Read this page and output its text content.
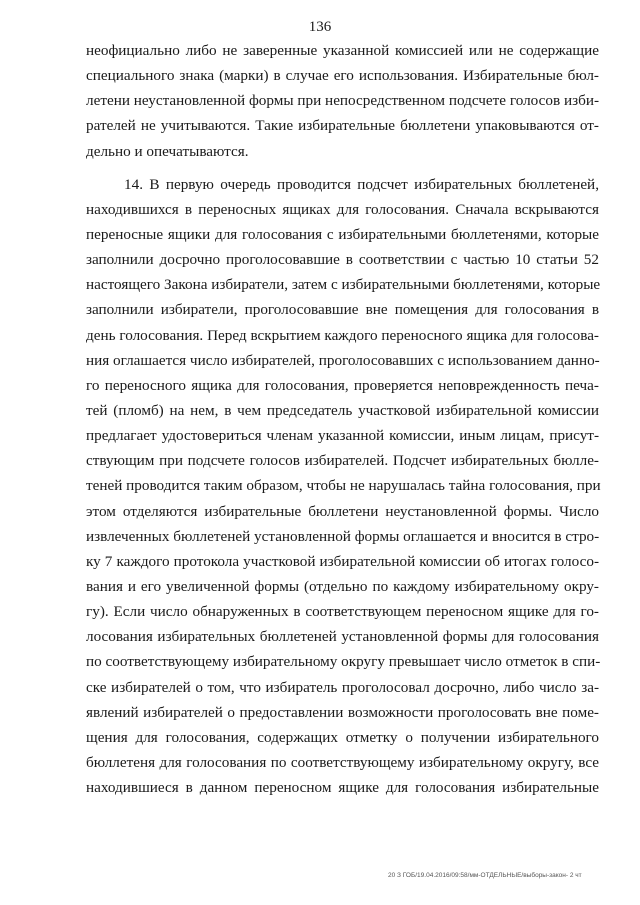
136

неофициально либо не заверенные указанной комиссией или не содержащие
специального знака (марки) в случае его использования. Избирательные бюл-
летени неустановленной формы при непосредственном подсчете голосов изби-
рателей не учитываются. Такие избирательные бюллетени упаковываются от-
дельно и опечатываются.

14. В первую очередь проводится подсчет избирательных бюллетеней,
находившихся в переносных ящиках для голосования. Сначала вскрываются
переносные ящики для голосования с избирательными бюллетенями, которые
заполнили досрочно проголосовавшие в соответствии с частью 10 статьи 52
настоящего Закона избиратели, затем с избирательными бюллетенями, которые
заполнили избиратели, проголосовавшие вне помещения для голосования в
день голосования. Перед вскрытием каждого переносного ящика для голосова-
ния оглашается число избирателей, проголосовавших с использованием данно-
го переносного ящика для голосования, проверяется неповрежденность печа-
тей (пломб) на нем, в чем председатель участковой избирательной комиссии
предлагает удостовериться членам указанной комиссии, иным лицам, присут-
ствующим при подсчете голосов избирателей. Подсчет избирательных бюлле-
теней проводится таким образом, чтобы не нарушалась тайна голосования, при
этом отделяются избирательные бюллетени неустановленной формы. Число
извлеченных бюллетеней установленной формы оглашается и вносится в стро-
ку 7 каждого протокола участковой избирательной комиссии об итогах голосо-
вания и его увеличенной формы (отдельно по каждому избирательному окру-
гу). Если число обнаруженных в соответствующем переносном ящике для го-
лосования избирательных бюллетеней установленной формы для голосования
по соответствующему избирательному округу превышает число отметок в спи-
ске избирателей о том, что избиратель проголосовал досрочно, либо число за-
явлений избирателей о предоставлении возможности проголосовать вне поме-
щения для голосования, содержащих отметку о получении избирательного
бюллетеня для голосования по соответствующему избирательному округу, все
находившиеся в данном переносном ящике для голосования избирательные

20 З ГОБ/19.04.2016/09:58/мм-ОТДЕЛЬНЫЕ/выборы-закон- 2 чт
